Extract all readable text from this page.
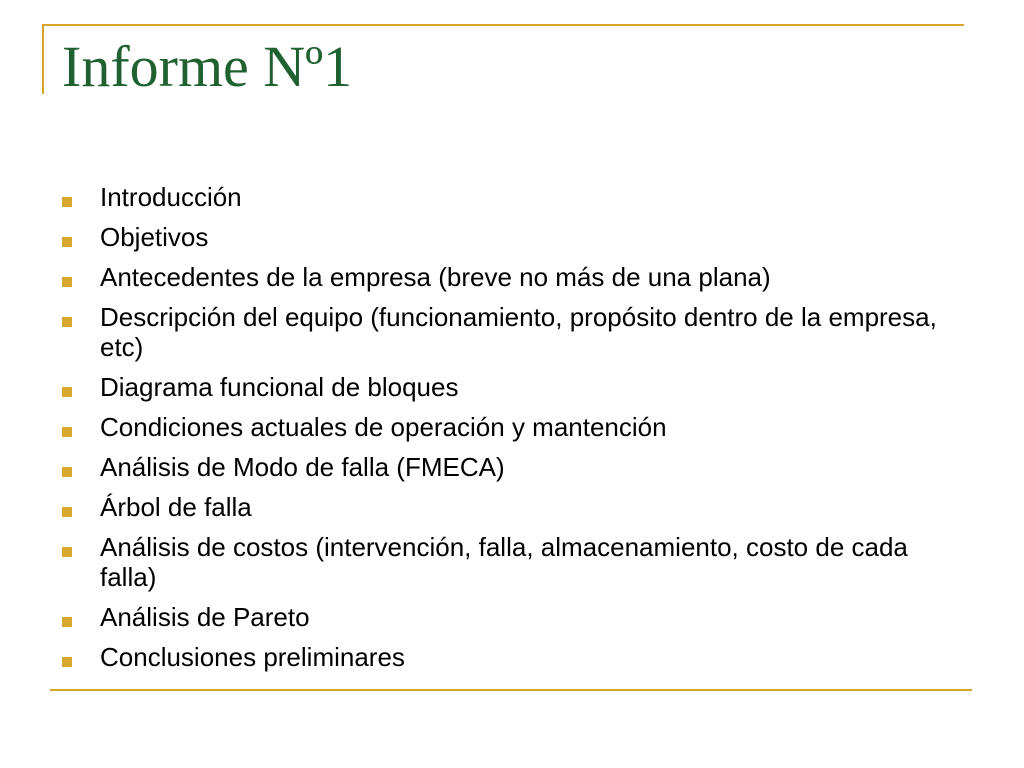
Informe Nº1
Introducción
Objetivos
Antecedentes de la empresa (breve no más de una plana)
Descripción del equipo (funcionamiento, propósito dentro de la empresa, etc)
Diagrama funcional de bloques
Condiciones actuales de operación y mantención
Análisis de Modo de falla (FMECA)
Árbol de falla
Análisis de costos (intervención, falla, almacenamiento, costo de cada falla)
Análisis de Pareto
Conclusiones preliminares
